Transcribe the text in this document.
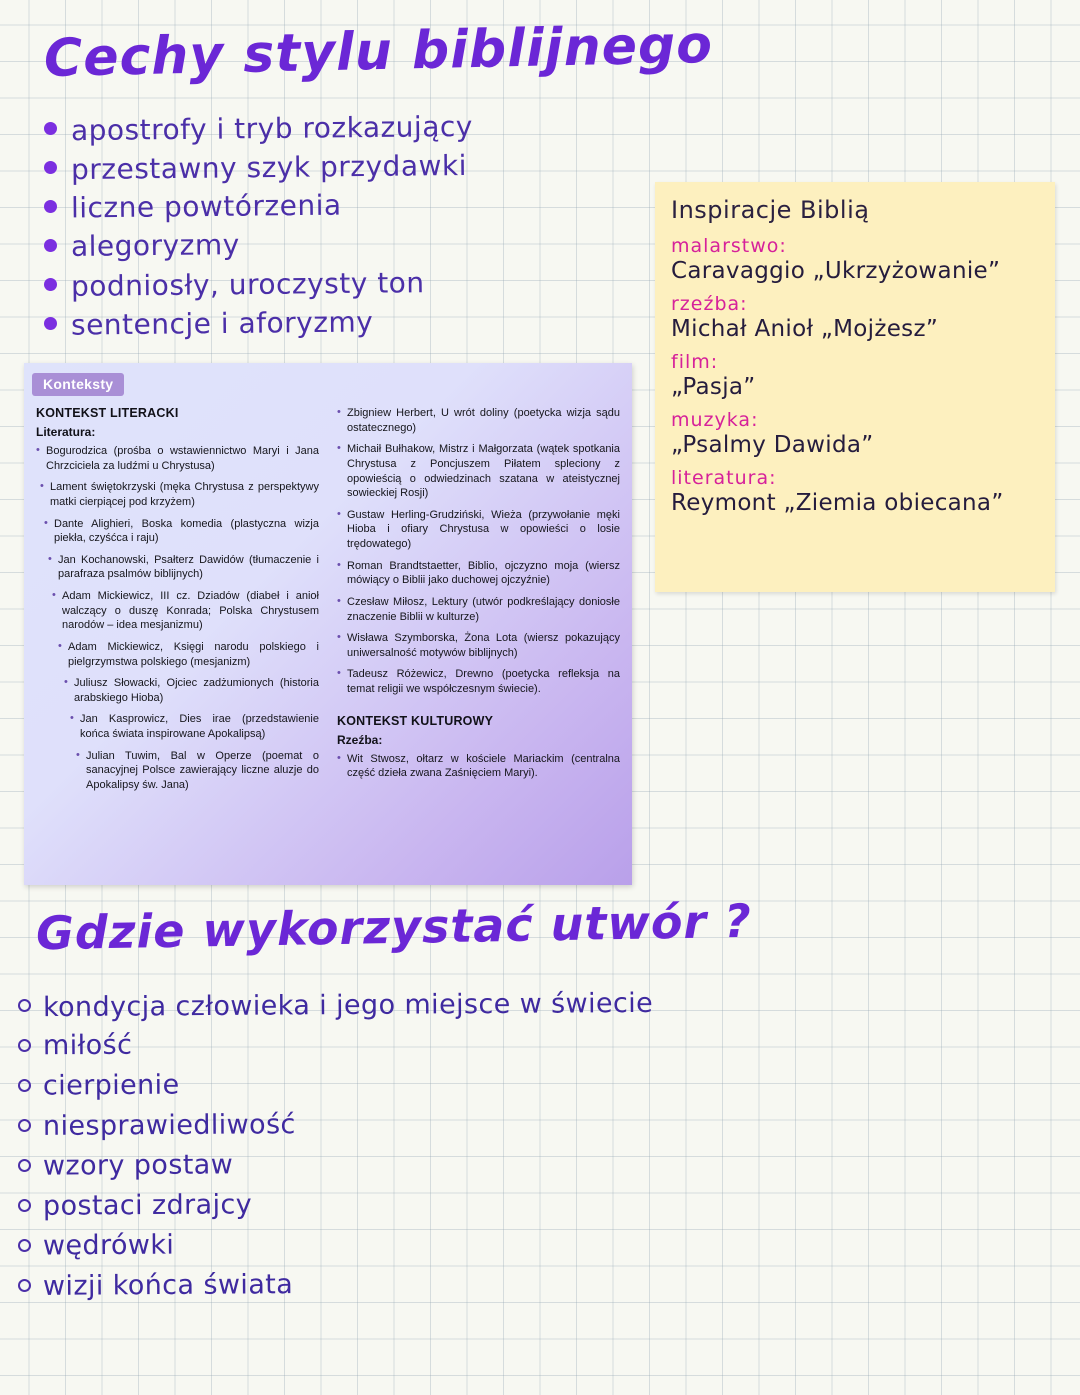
Cechy stylu biblijnego
apostrofy i tryb rozkazujący
przestawny szyk przydawki
liczne powtórzenia
alegoryzmy
podniosły, uroczysty ton
sentencje i aforyzmy
Inspiracje Biblią
malarstwo:
Caravaggio „Ukrzyżowanie”
rzeźba:
Michał Anioł „Mojżesz”
film:
„Pasja”
muzyka:
„Psalmy Dawida”
literatura:
Reymont „Ziemia obiecana”
Konteksty
KONTEKST LITERACKI
Literatura:
• Bogurodzica (prośba o wstawiennictwo Maryi i Jana Chrzciciela za ludźmi u Chrystusa)
• Lament świętokrzyski (męka Chrystusa z perspektywy matki cierpiącej pod krzyżem)
• Dante Alighieri, Boska komedia (plastyczna wizja piekła, czyśćca i raju)
• Jan Kochanowski, Psałterz Dawidów (tłumaczenie i parafraza psalmów biblijnych)
• Adam Mickiewicz, III cz. Dziadów (diabeł i anioł walczący o duszę Konrada; Polska Chrystusem narodów – idea mesjanizmu)
• Adam Mickiewicz, Księgi narodu polskiego i pielgrzymstwa polskiego (mesjanizm)
• Juliusz Słowacki, Ojciec zadżumionych (historia arabskiego Hioba)
• Jan Kasprowicz, Dies irae (przedstawienie końca świata inspirowane Apokalipsą)
• Julian Tuwim, Bal w Operze (poemat o sanacyjnej Polsce zawierający liczne aluzje do Apokalipsy św. Jana)
• Zbigniew Herbert, U wrót doliny (poetycka wizja sądu ostatecznego)
• Michaił Bułhakow, Mistrz i Małgorzata (wątek spotkania Chrystusa z Poncjuszem Piłatem spleciony z opowieścią o odwiedzinach szatana w ateistycznej sowieckiej Rosji)
• Gustaw Herling-Grudziński, Wieża (przywołanie męki Hioba i ofiary Chrystusa w opowieści o losie trędowatego)
• Roman Brandtstaetter, Biblio, ojczyzno moja (wiersz mówiący o Biblii jako duchowej ojczyźnie)
• Czesław Miłosz, Lektury (utwór podkreślający doniosłe znaczenie Biblii w kulturze)
• Wisława Szymborska, Żona Lota (wiersz pokazujący uniwersalność motywów biblijnych)
• Tadeusz Różewicz, Drewno (poetycka refleksja na temat religii we współczesnym świecie).
KONTEKST KULTUROWY
Rzeźba:
• Wit Stwosz, ołtarz w kościele Mariackim (centralna część dzieła zwana Zaśnięciem Maryi).
Gdzie wykorzystać utwór ?
kondycja człowieka i jego miejsce w świecie
miłość
cierpienie
niesprawiedliwość
wzory postaw
postaci zdrajcy
wędrówki
wizji końca świata
